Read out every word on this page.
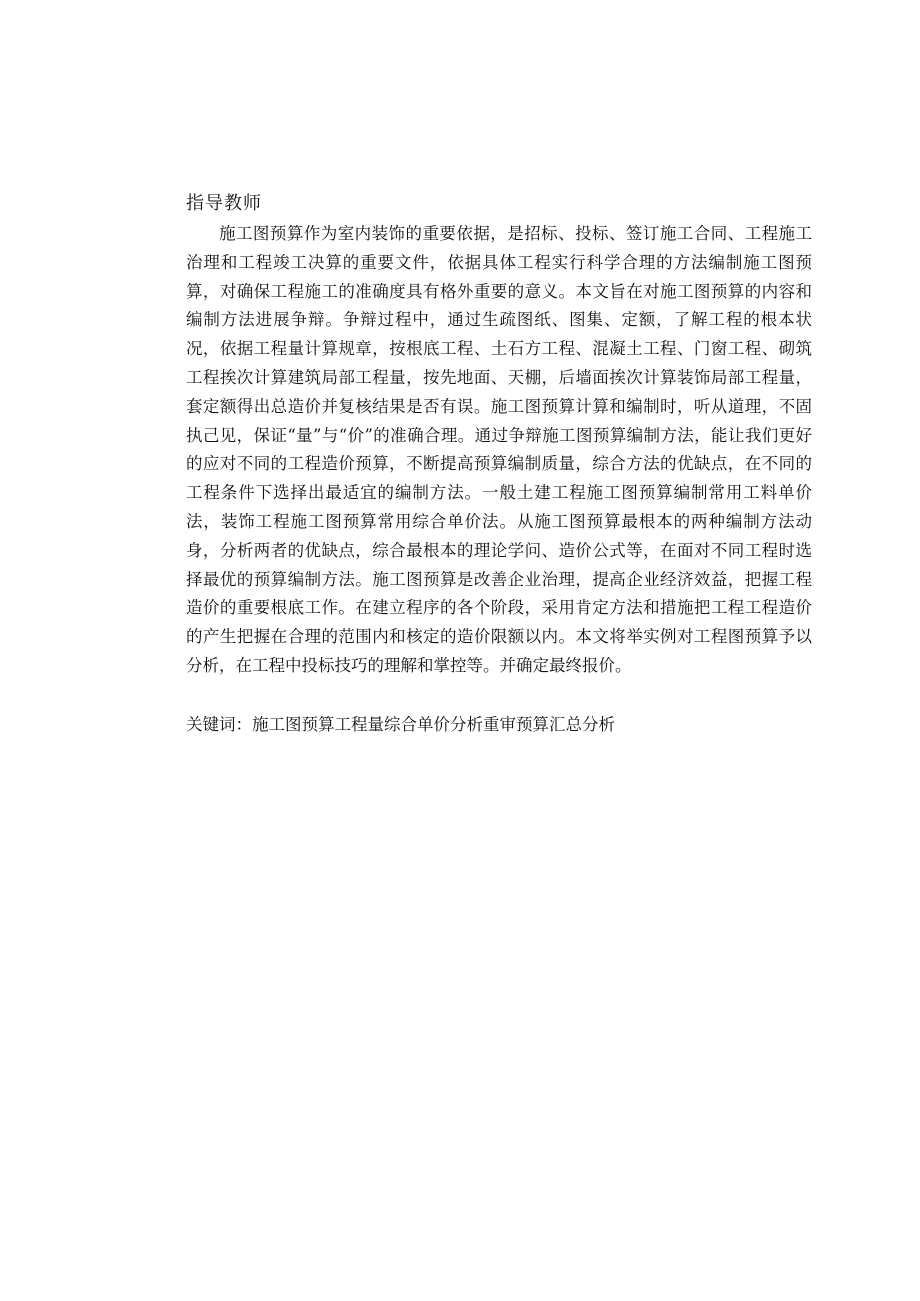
指导教师

施工图预算作为室内装饰的重要依据，是招标、投标、签订施工合同、工程施工治理和工程竣工决算的重要文件，依据具体工程实行科学合理的方法编制施工图预算，对确保工程施工的准确度具有格外重要的意义。本文旨在对施工图预算的内容和编制方法进展争辩。争辩过程中，通过生疏图纸、图集、定额，了解工程的根本状况，依据工程量计算规章，按根底工程、土石方工程、混凝土工程、门窗工程、砌筑工程挨次计算建筑局部工程量，按先地面、天棚，后墙面挨次计算装饰局部工程量，套定额得出总造价并复核结果是否有误。施工图预算计算和编制时，听从道理，不固执己见，保证“量”与“价”的准确合理。通过争辩施工图预算编制方法，能让我们更好的应对不同的工程造价预算，不断提高预算编制质量，综合方法的优缺点，在不同的工程条件下选择出最适宜的编制方法。一般土建工程施工图预算编制常用工料单价法，装饰工程施工图预算常用综合单价法。从施工图预算最根本的两种编制方法动身，分析两者的优缺点，综合最根本的理论学问、造价公式等，在面对不同工程时选择最优的预算编制方法。施工图预算是改善企业治理，提高企业经济效益，把握工程造价的重要根底工作。在建立程序的各个阶段，采用肯定方法和措施把工程工程造价的产生把握在合理的范围内和核定的造价限额以内。本文将举实例对工程图预算予以分析，在工程中投标技巧的理解和掌控等。并确定最终报价。

关键词：施工图预算工程量综合单价分析重审预算汇总分析
